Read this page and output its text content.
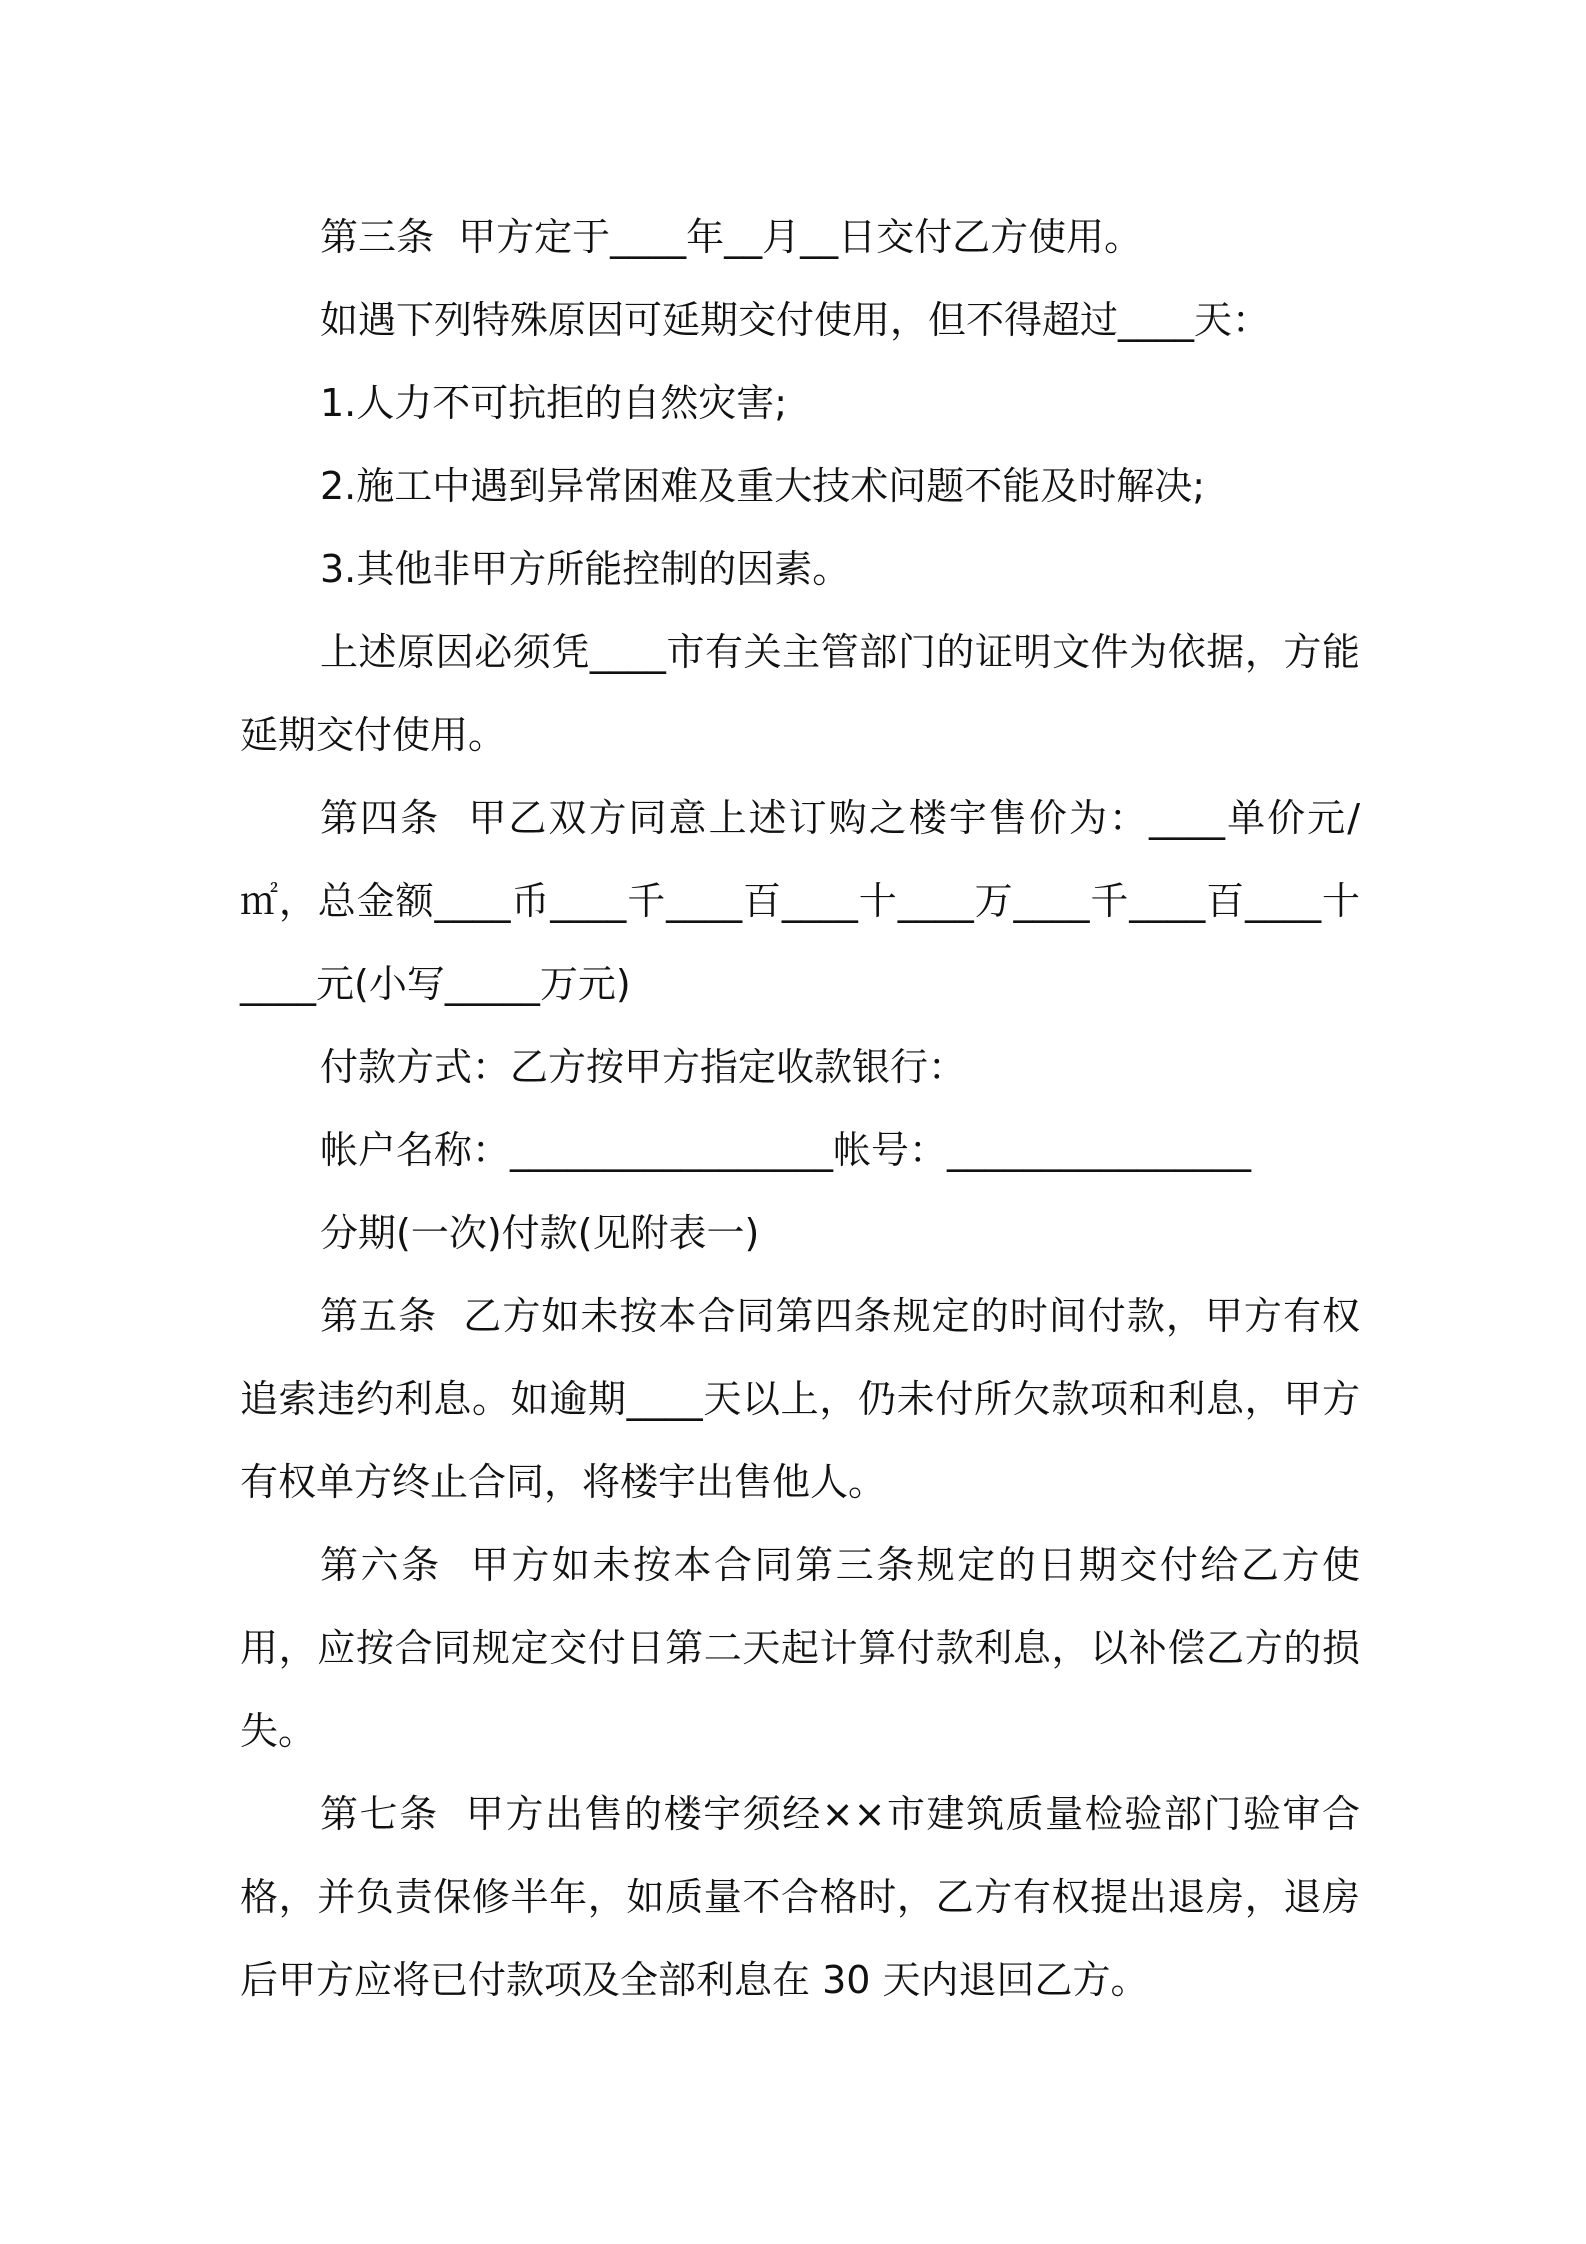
第三条  甲方定于____年__月__日交付乙方使用。

如遇下列特殊原因可延期交付使用，但不得超过____天：

1.人力不可抗拒的自然灾害;

2.施工中遇到异常困难及重大技术问题不能及时解决;

3.其他非甲方所能控制的因素。

上述原因必须凭____市有关主管部门的证明文件为依据，方能延期交付使用。

第四条  甲乙双方同意上述订购之楼宇售价为：____单价元/㎡，总金额____币____千____百____十____万____千____百____十____元(小写_____万元)

付款方式：乙方按甲方指定收款银行：

帐户名称：_________________帐号：________________

分期(一次)付款(见附表一)

第五条  乙方如未按本合同第四条规定的时间付款，甲方有权追索违约利息。如逾期____天以上，仍未付所欠款项和利息，甲方有权单方终止合同，将楼宇出售他人。

第六条  甲方如未按本合同第三条规定的日期交付给乙方使用，应按合同规定交付日第二天起计算付款利息，以补偿乙方的损失。

第七条  甲方出售的楼宇须经××市建筑质量检验部门验审合格，并负责保修半年，如质量不合格时，乙方有权提出退房，退房后甲方应将已付款项及全部利息在 30 天内退回乙方。
